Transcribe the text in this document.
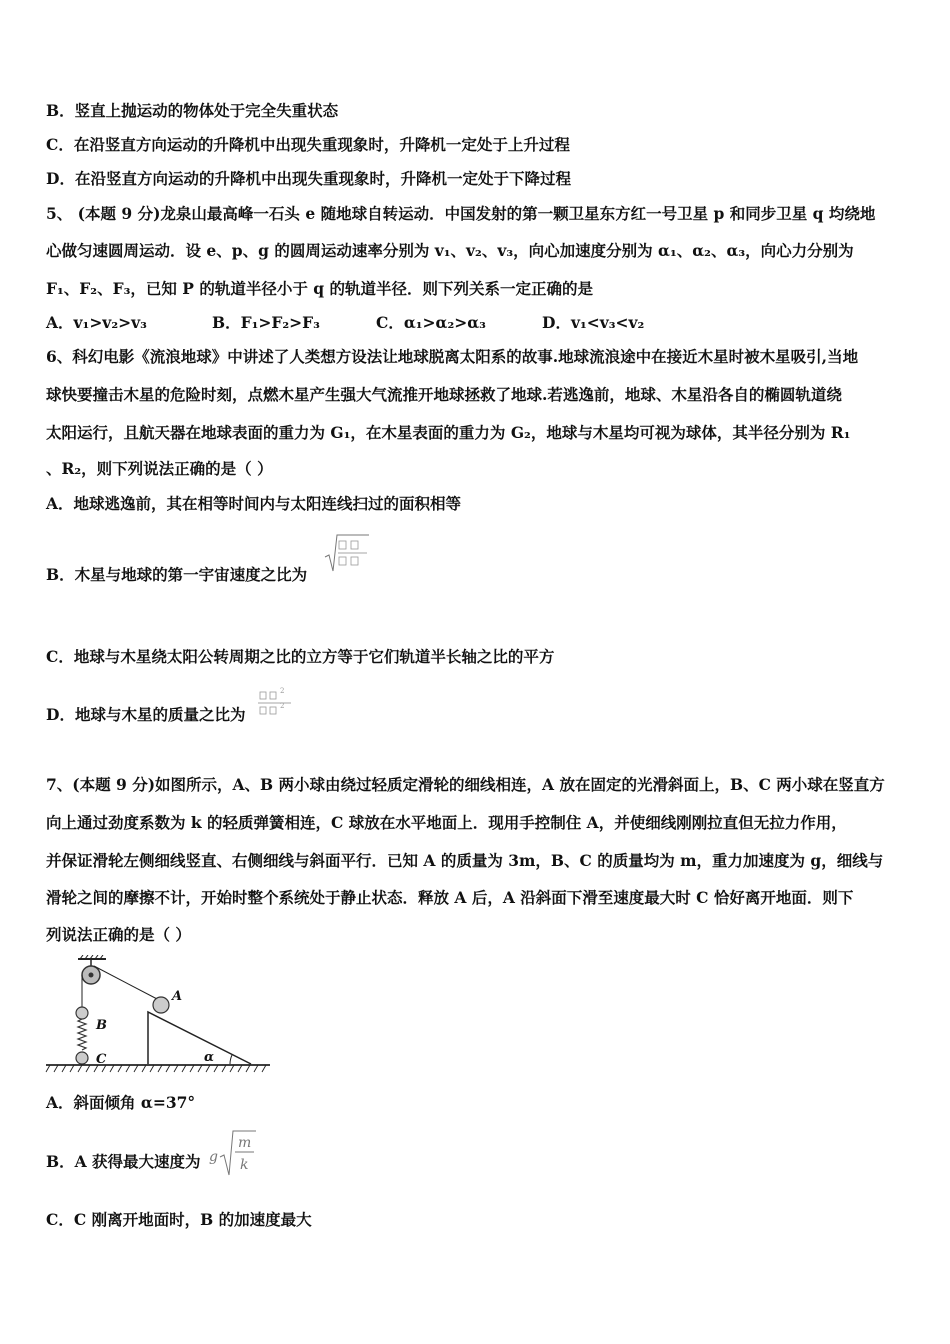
B．竖直上抛运动的物体处于完全失重状态
C．在沿竖直方向运动的升降机中出现失重现象时，升降机一定处于上升过程
D．在沿竖直方向运动的升降机中出现失重现象时，升降机一定处于下降过程
5、 (本题 9 分)龙泉山最高峰一石头 e 随地球自转运动．中国发射的第一颗卫星东方红一号卫星 p 和同步卫星 q 均绕地
心做匀速圆周运动．设 e、p、g 的圆周运动速率分别为 v₁、v₂、v₃，向心加速度分别为 α₁、α₂、α₃，向心力分别为
F₁、F₂、F₃，已知 P 的轨道半径小于 q 的轨道半径．则下列关系一定正确的是
A．v₁>v₂>v₃	B．F₁>F₂>F₃	C．α₁>α₂>α₃	D．v₁<v₃<v₂
6、科幻电影《流浪地球》中讲述了人类想方设法让地球脱离太阳系的故事.地球流浪途中在接近木星时被木星吸引,当地
球快要撞击木星的危险时刻，点燃木星产生强大气流推开地球拯救了地球.若逃逸前，地球、木星沿各自的椭圆轨道绕
太阳运行，且航天器在地球表面的重力为 G₁，在木星表面的重力为 G₂，地球与木星均可视为球体，其半径分别为 R₁
、R₂，则下列说法正确的是（ ）
A．地球逃逸前，其在相等时间内与太阳连线扫过的面积相等
B．木星与地球的第一宇宙速度之比为
C．地球与木星绕太阳公转周期之比的立方等于它们轨道半长轴之比的平方
D．地球与木星的质量之比为
2
2
7、(本题 9 分)如图所示，A、B 两小球由绕过轻质定滑轮的细线相连，A 放在固定的光滑斜面上，B、C 两小球在竖直方
向上通过劲度系数为 k 的轻质弹簧相连，C 球放在水平地面上．现用手控制住 A，并使细线刚刚拉直但无拉力作用，
并保证滑轮左侧细线竖直、右侧细线与斜面平行．已知 A 的质量为 3m，B、C 的质量均为 m，重力加速度为 g，细线与
滑轮之间的摩擦不计，开始时整个系统处于静止状态．释放 A 后，A 沿斜面下滑至速度最大时 C 恰好离开地面．则下
列说法正确的是（ ）
A
B
C	α
A．斜面倾角 α=37°
B．A 获得最大速度为 g
m
k
C．C 刚离开地面时，B 的加速度最大
